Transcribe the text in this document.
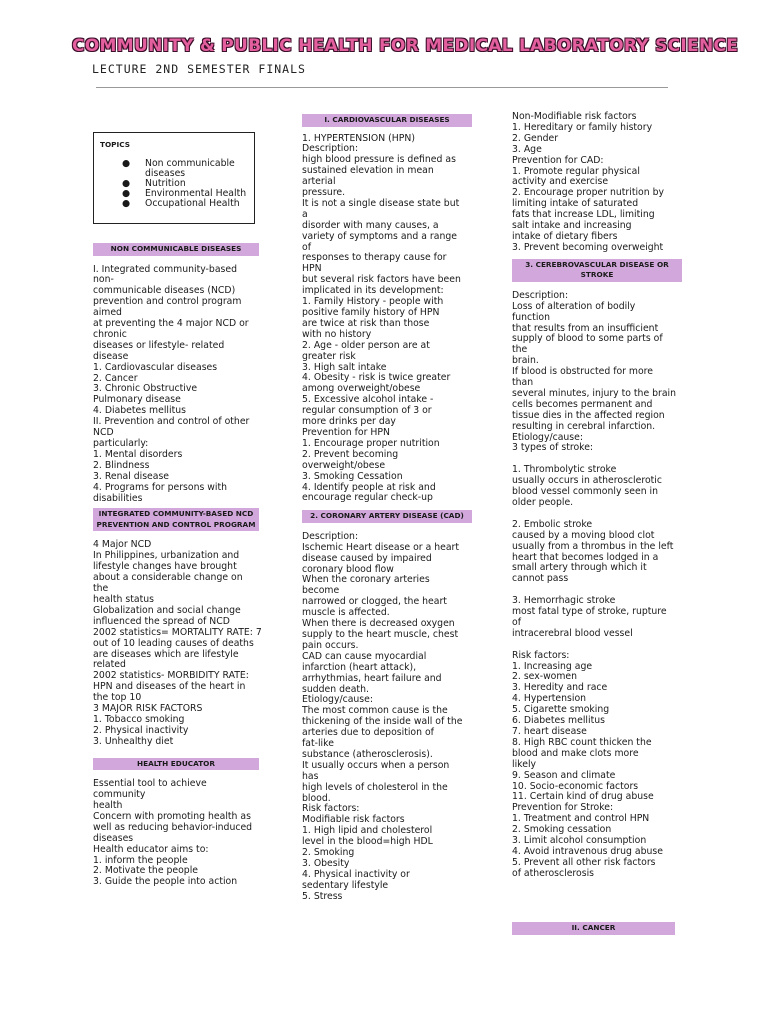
COMMUNITY & PUBLIC HEALTH FOR MEDICAL LABORATORY SCIENCE
LECTURE 2ND SEMESTER FINALS
TOPICS
● Non communicable
diseases
● Nutrition
● Environmental Health
● Occupational Health
NON COMMUNICABLE DISEASES
I. Integrated community-based
non-
communicable diseases (NCD)
prevention and control program
aimed
at preventing the 4 major NCD or
chronic
diseases or lifestyle- related
disease
1. Cardiovascular diseases
2. Cancer
3. Chronic Obstructive
Pulmonary disease
4. Diabetes mellitus
II. Prevention and control of other
NCD
particularly:
1. Mental disorders
2. Blindness
3. Renal disease
4. Programs for persons with
disabilities
INTEGRATED COMMUNITY-BASED NCD
PREVENTION AND CONTROL PROGRAM
4 Major NCD
In Philippines, urbanization and
lifestyle changes have brought
about a considerable change on
the
health status
Globalization and social change
influenced the spread of NCD
2002 statistics= MORTALITY RATE: 7
out of 10 leading causes of deaths
are diseases which are lifestyle
related
2002 statistics- MORBIDITY RATE:
HPN and diseases of the heart in
the top 10
3 MAJOR RISK FACTORS
1. Tobacco smoking
2. Physical inactivity
3. Unhealthy diet
HEALTH EDUCATOR
Essential tool to achieve
community
health
Concern with promoting health as
well as reducing behavior-induced
diseases
Health educator aims to:
1. inform the people
2. Motivate the people
3. Guide the people into action
I. CARDIOVASCULAR DISEASES
1. HYPERTENSION (HPN)
Description:
high blood pressure is defined as
sustained elevation in mean
arterial
pressure.
It is not a single disease state but
a
disorder with many causes, a
variety of symptoms and a range
of
responses to therapy cause for
HPN
but several risk factors have been
implicated in its development:
1. Family History - people with
positive family history of HPN
are twice at risk than those
with no history
2. Age - older person are at
greater risk
3. High salt intake
4. Obesity - risk is twice greater
among overweight/obese
5. Excessive alcohol intake -
regular consumption of 3 or
more drinks per day
Prevention for HPN
1. Encourage proper nutrition
2. Prevent becoming
overweight/obese
3. Smoking Cessation
4. Identify people at risk and
encourage regular check-up
2. CORONARY ARTERY DISEASE (CAD)
Description:
Ischemic Heart disease or a heart
disease caused by impaired
coronary blood flow
When the coronary arteries
become
narrowed or clogged, the heart
muscle is affected.
When there is decreased oxygen
supply to the heart muscle, chest
pain occurs.
CAD can cause myocardial
infarction (heart attack),
arrhythmias, heart failure and
sudden death.
Etiology/cause:
The most common cause is the
thickening of the inside wall of the
arteries due to deposition of
fat-like
substance (atherosclerosis).
It usually occurs when a person
has
high levels of cholesterol in the
blood.
Risk factors:
Modifiable risk factors
1. High lipid and cholesterol
level in the blood=high HDL
2. Smoking
3. Obesity
4. Physical inactivity or
sedentary lifestyle
5. Stress
Non-Modifiable risk factors
1. Hereditary or family history
2. Gender
3. Age
Prevention for CAD:
1. Promote regular physical
activity and exercise
2. Encourage proper nutrition by
limiting intake of saturated
fats that increase LDL, limiting
salt intake and increasing
intake of dietary fibers
3. Prevent becoming overweight
3. CEREBROVASCULAR DISEASE OR STROKE
Description:
Loss of alteration of bodily
function
that results from an insufficient
supply of blood to some parts of
the
brain.
If blood is obstructed for more
than
several minutes, injury to the brain
cells becomes permanent and
tissue dies in the affected region
resulting in cerebral infarction.
Etiology/cause:
3 types of stroke:
1. Thrombolytic stroke
usually occurs in atherosclerotic
blood vessel commonly seen in
older people.
2. Embolic stroke
caused by a moving blood clot
usually from a thrombus in the left
heart that becomes lodged in a
small artery through which it
cannot pass
3. Hemorrhagic stroke
most fatal type of stroke, rupture
of
intracerebral blood vessel
Risk factors:
1. Increasing age
2. sex-women
3. Heredity and race
4. Hypertension
5. Cigarette smoking
6. Diabetes mellitus
7. heart disease
8. High RBC count thicken the
blood and make clots more
likely
9. Season and climate
10. Socio-economic factors
11. Certain kind of drug abuse
Prevention for Stroke:
1. Treatment and control HPN
2. Smoking cessation
3. Limit alcohol consumption
4. Avoid intravenous drug abuse
5. Prevent all other risk factors
of atherosclerosis
II. CANCER
